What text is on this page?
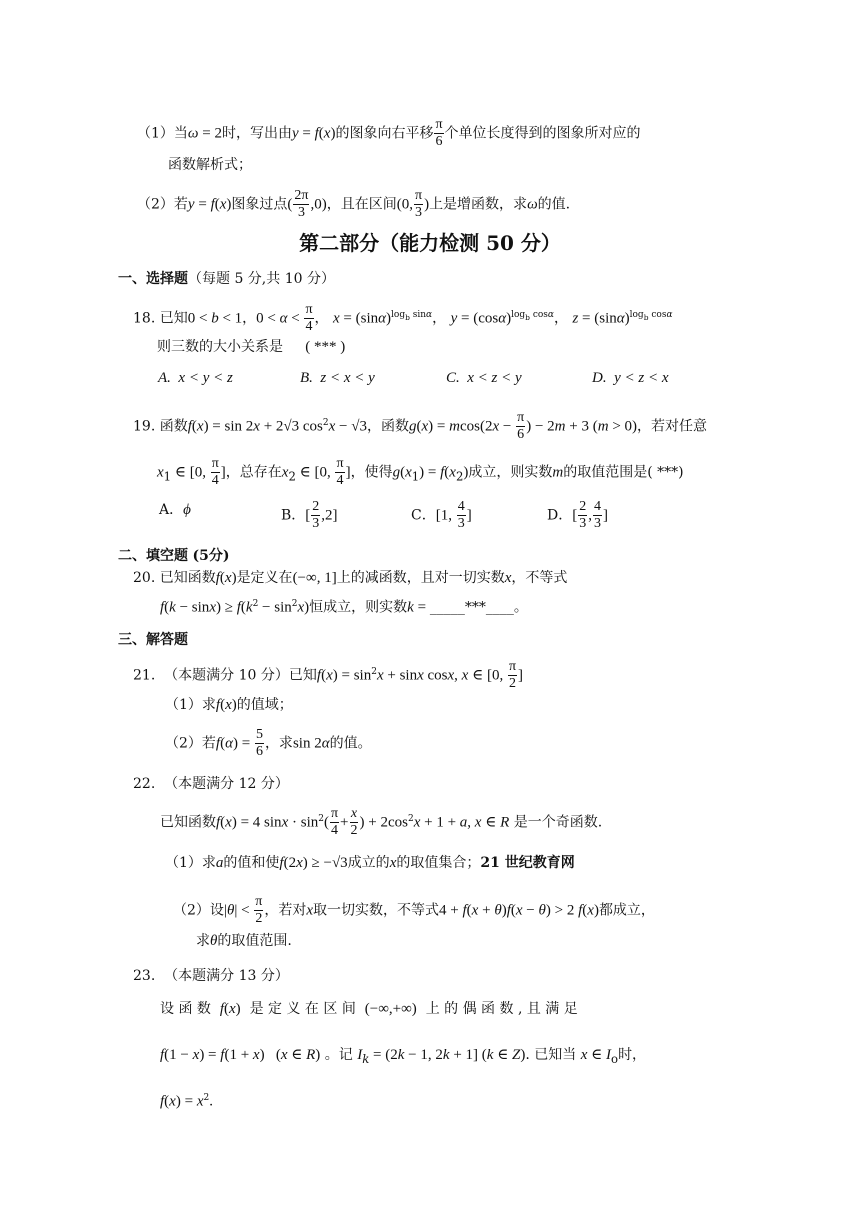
（1）当ω = 2时，写出由y = f(x)的图象向右平移 $\frac{\pi}{6}$ 个单位长度得到的图象所对应的
函数解析式；
（2）若y = f(x)图象过点( $\frac{2\pi}{3} ,0$)，且在区间(0, $\frac{\pi}{3}$ )上是增函数，求ω的值.
第二部分（能力检测 50 分）
一、选择题（每题 5 分,共 10 分）
18. 已知0 < b < 1，$0 < \alpha < \frac{\pi}{4}$ ， $x = (\sin\alpha)^{log_b sin\alpha}$， $y = (\cos\alpha)^{log_b cos\alpha}$， $z = (\sin\alpha)^{log_b cos\alpha}$
则三数的大小关系是 ( *** )
A. x < y < z	B. z < x < y	C. x < z < y	D. y < z < x
19. 函数f(x) = sin 2x + 2√3 $\cos^2x - √3$，函数$g(x) = mcos(2x - \frac{\pi}{6}$ ) − 2m + 3 (m > 0)，若对任意
$x_1$ ∈ [0, $\frac{\pi}{4}$ ]，总存在$x_2$ ∈ [0, $\frac{\pi}{4}$ ]，使得$g(x_1) = f(x_2)$成立，则实数m的取值范围是( ***)
A．ϕ	B．[ $\frac{2}{3} ,2$]	C．[1, $\frac{4}{3}$ ]	D．[ $\frac{2}{3}$ , $\frac{4}{3}$ ]
二、填空题 (5分)
20. 已知函数f(x)是定义在(−∞, 1]上的减函数，且对一切实数x，不等式
$f(k - \sin x) \ge f(k^2 - \sin^2x)$恒成立，则实数k = _____***____。
三、解答题
21. （本题满分 10 分）已知$f(x) = \sin^2x + \sin x$ cosx, x ∈ [0, $\frac{\pi}{2}$ ]
（1）求f(x)的值域；
（2）若$f(\alpha) = \frac{5}{6}$ ，求sin 2α的值。
22. （本题满分 12 分）
已知函数f(x) = 4 $\sin x \cdot \sin^2( \frac{\pi}{4} + \frac{x}{2}$ ) + $2\cos^2x + 1 + a$, x ∈ R 是一个奇函数.
（1）求a的值和使f(2x) ≥ −√3成立的x的取值集合；21 世纪教育网
（2）设$|\theta| < \frac{\pi}{2}$ ，若对x取一切实数，不等式4 + f(x + θ)f(x − θ) > 2 f(x)都成立，
求θ的取值范围.
23. （本题满分 13 分）
设 函 数 f(x) 是 定 义 在 区 间 (−∞,+∞) 上 的 偶 函 数 , 且 满 足
f(1 − x) = f(1 + x)   (x ∈ R) 。记 $I_k = (2k - 1$, 2k + 1] (k ∈ Z). 已知当 x ∈ $I_o$时，
$f(x) = x^2$.
